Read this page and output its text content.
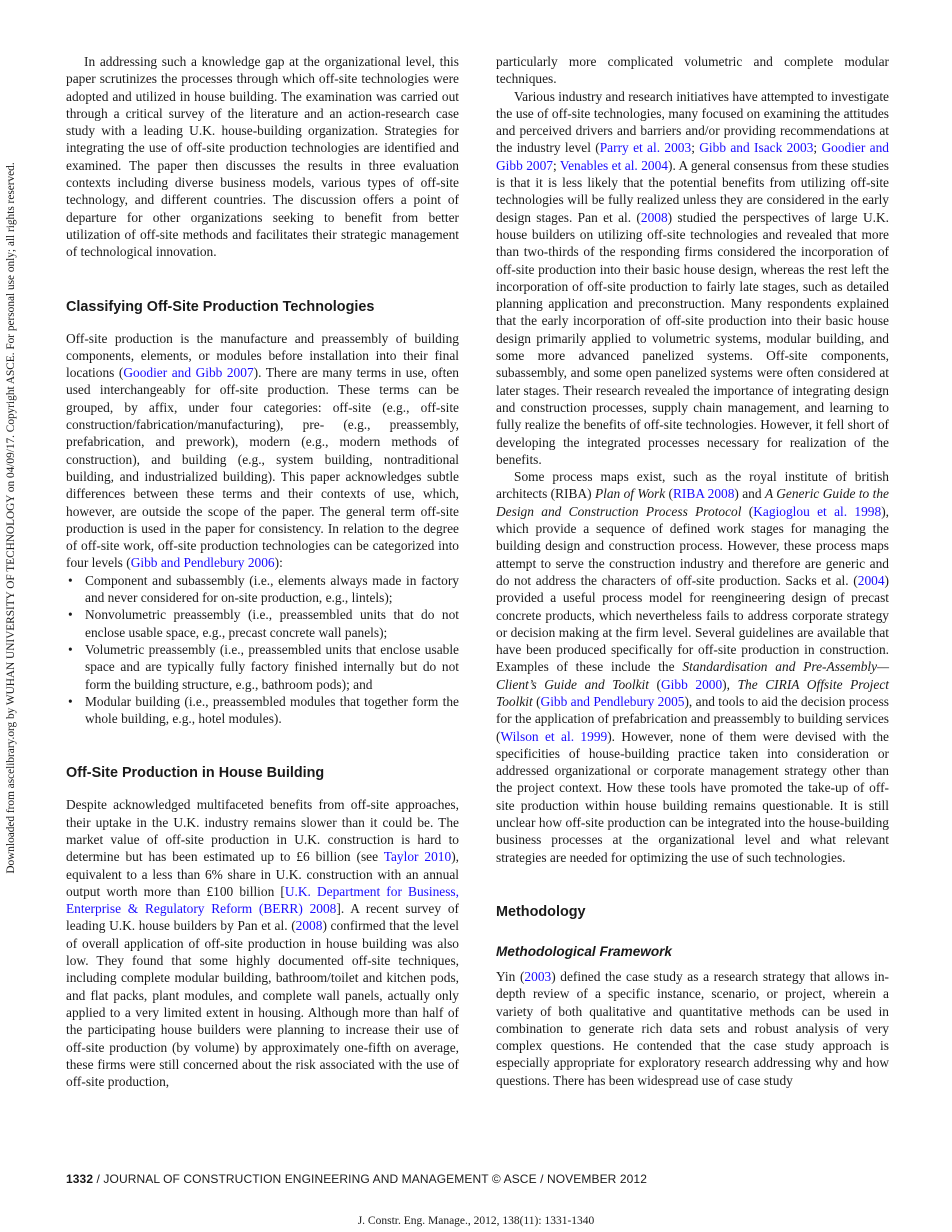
Downloaded from ascelibrary.org by WUHAN UNIVERSITY OF TECHNOLOGY on 04/09/17. Copyright ASCE. For personal use only; all rights reserved.

In addressing such a knowledge gap at the organizational level, this paper scrutinizes the processes through which off-site technologies were adopted and utilized in house building. The examination was carried out through a critical survey of the literature and an action-research case study with a leading U.K. house-building organization. Strategies for integrating the use of off-site production technologies are identified and examined. The paper then discusses the results in three evaluation contexts including diverse business models, various types of off-site technology, and different countries. The discussion offers a point of departure for other organizations seeking to benefit from better utilization of off-site methods and facilitates their strategic management of technological innovation.

Classifying Off-Site Production Technologies

Off-site production is the manufacture and preassembly of building components, elements, or modules before installation into their final locations (Goodier and Gibb 2007). There are many terms in use, often used interchangeably for off-site production. These terms can be grouped, by affix, under four categories: off-site (e.g., off-site construction/fabrication/manufacturing), pre- (e.g., preassembly, prefabrication, and prework), modern (e.g., modern methods of construction), and building (e.g., system building, nontraditional building, and industrialized building). This paper acknowledges subtle differences between these terms and their contexts of use, which, however, are outside the scope of the paper. The general term off-site production is used in the paper for consistency. In relation to the degree of off-site work, off-site production technologies can be categorized into four levels (Gibb and Pendlebury 2006):

• Component and subassembly (i.e., elements always made in factory and never considered for on-site production, e.g., lintels);
• Nonvolumetric preassembly (i.e., preassembled units that do not enclose usable space, e.g., precast concrete wall panels);
• Volumetric preassembly (i.e., preassembled units that enclose usable space and are typically fully factory finished internally but do not form the building structure, e.g., bathroom pods); and
• Modular building (i.e., preassembled modules that together form the whole building, e.g., hotel modules).
Off-Site Production in House Building

Despite acknowledged multifaceted benefits from off-site approaches, their uptake in the U.K. industry remains slower than it could be. The market value of off-site production in U.K. construction is hard to determine but has been estimated up to £6 billion (see Taylor 2010), equivalent to a less than 6% share in U.K. construction with an annual output worth more than £100 billion [U.K. Department for Business, Enterprise & Regulatory Reform (BERR) 2008]. A recent survey of leading U.K. house builders by Pan et al. (2008) confirmed that the level of overall application of off-site production in house building was also low. They found that some highly documented off-site techniques, including complete modular building, bathroom/toilet and kitchen pods, and flat packs, plant modules, and complete wall panels, actually only applied to a very limited extent in housing. Although more than half of the participating house builders were planning to increase their use of off-site production (by volume) by approximately one-fifth on average, these firms were still concerned about the risk associated with the use of off-site production,

particularly more complicated volumetric and complete modular techniques.

Various industry and research initiatives have attempted to investigate the use of off-site technologies, many focused on examining the attitudes and perceived drivers and barriers and/or providing recommendations at the industry level (Parry et al. 2003; Gibb and Isack 2003; Goodier and Gibb 2007; Venables et al. 2004). A general consensus from these studies is that it is less likely that the potential benefits from utilizing off-site technologies will be fully realized unless they are considered in the early design stages. Pan et al. (2008) studied the perspectives of large U.K. house builders on utilizing off-site technologies and revealed that more than two-thirds of the responding firms considered the incorporation of off-site production into their basic house design, whereas the rest left the incorporation of off-site production to fairly late stages, such as detailed planning application and preconstruction. Many respondents explained that the early incorporation of off-site production into their basic house design primarily applied to volumetric systems, modular building, and some more advanced panelized systems. Off-site components, subassembly, and some open panelized systems were often considered at later stages. Their research revealed the importance of integrating design and construction processes, supply chain management, and learning to fully realize the benefits of off-site technologies. However, it fell short of developing the integrated processes necessary for realization of the benefits.

Some process maps exist, such as the royal institute of british architects (RIBA) Plan of Work (RIBA 2008) and A Generic Guide to the Design and Construction Process Protocol (Kagioglou et al. 1998), which provide a sequence of defined work stages for managing the building design and construction process. However, these process maps attempt to serve the construction industry and therefore are generic and do not address the characters of off-site production. Sacks et al. (2004) provided a useful process model for reengineering design of precast concrete products, which nevertheless fails to address corporate strategy or decision making at the firm level. Several guidelines are available that have been produced specifically for off-site production in construction. Examples of these include the Standardisation and Pre-Assembly—Client’s Guide and Toolkit (Gibb 2000), The CIRIA Offsite Project Toolkit (Gibb and Pendlebury 2005), and tools to aid the decision process for the application of prefabrication and preassembly to building services (Wilson et al. 1999). However, none of them were devised with the specificities of house-building practice taken into consideration or addressed organizational or corporate management strategy other than the project context. How these tools have promoted the take-up of off-site production within house building remains questionable. It is still unclear how off-site production can be integrated into the house-building business processes at the organizational level and what relevant strategies are needed for optimizing the use of such technologies.

Methodology
Methodological Framework

Yin (2003) defined the case study as a research strategy that allows in-depth review of a specific instance, scenario, or project, wherein a variety of both qualitative and quantitative methods can be used in combination to generate rich data sets and robust analysis of very complex questions. He contended that the case study approach is especially appropriate for exploratory research addressing why and how questions. There has been widespread use of case study

1332 / JOURNAL OF CONSTRUCTION ENGINEERING AND MANAGEMENT © ASCE / NOVEMBER 2012
J. Constr. Eng. Manage., 2012, 138(11): 1331-1340
